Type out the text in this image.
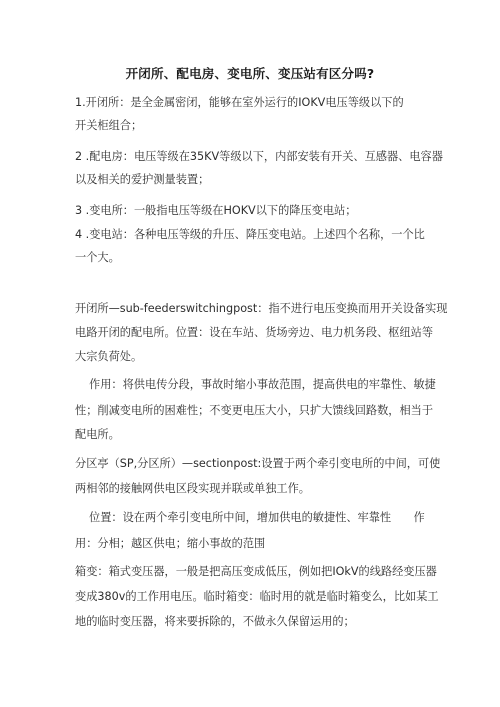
开闭所、配电房、变电所、变压站有区分吗?
1.开闭所：是全金属密闭，能够在室外运行的IOKV电压等级以下的
开关柜组合；
2 .配电房：电压等级在35KV等级以下，内部安装有开关、互感器、电容器
以及相关的爱护测量装置；
3 .变电所：一般指电压等级在HOKV以下的降压变电站；
4 .变电站：各种电压等级的升压、降压变电站。上述四个名称，一个比
一个大。
开闭所—sub-feederswitchingpost：指不进行电压变换而用开关设备实现
电路开闭的配电所。位置：设在车站、货场旁边、电力机务段、枢纽站等
大宗负荷处。
作用：将供电传分段，事故时缩小事故范围，提高供电的牢靠性、敏捷
性；削减变电所的困难性；不变更电压大小，只扩大馈线回路数，相当于
配电所。
分区亭（SP,分区所）—sectionpost:设置于两个牵引变电所的中间，可使
两相邻的接触网供电区段实现并联或单独工作。
位置：设在两个牵引变电所中间，增加供电的敏捷性、牢靠性　　作
用：分相；越区供电；缩小事故的范围
箱变：箱式变压器，一般是把高压变成低压，例如把IOkV的线路经变压器
变成380v的工作用电压。临时箱变：临时用的就是临时箱变么，比如某工
地的临时变压器，将来要拆除的，不做永久保留运用的；
